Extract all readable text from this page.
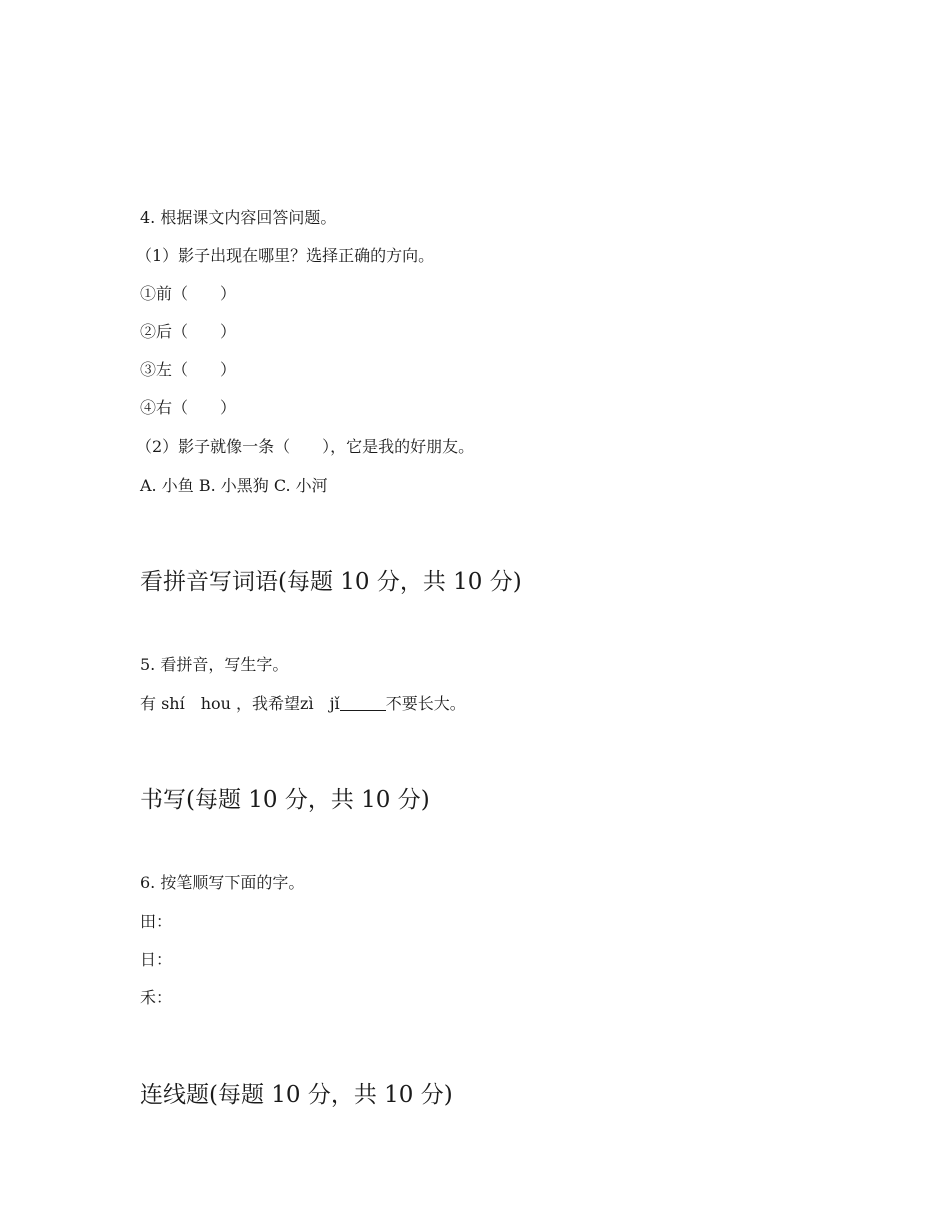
4. 根据课文内容回答问题。
（1）影子出现在哪里？选择正确的方向。
①前（　　）
②后（　　）
③左（　　）
④右（　　）
（2）影子就像一条（　　），它是我的好朋友。
A. 小鱼 B. 小黑狗 C. 小河
看拼音写词语(每题 10 分，共 10 分)
5. 看拼音，写生字。
有 shí　hou ，我希望zì　jǐ	不要长大。
书写(每题 10 分，共 10 分)
6. 按笔顺写下面的字。
田：
日：
禾：
连线题(每题 10 分，共 10 分)
